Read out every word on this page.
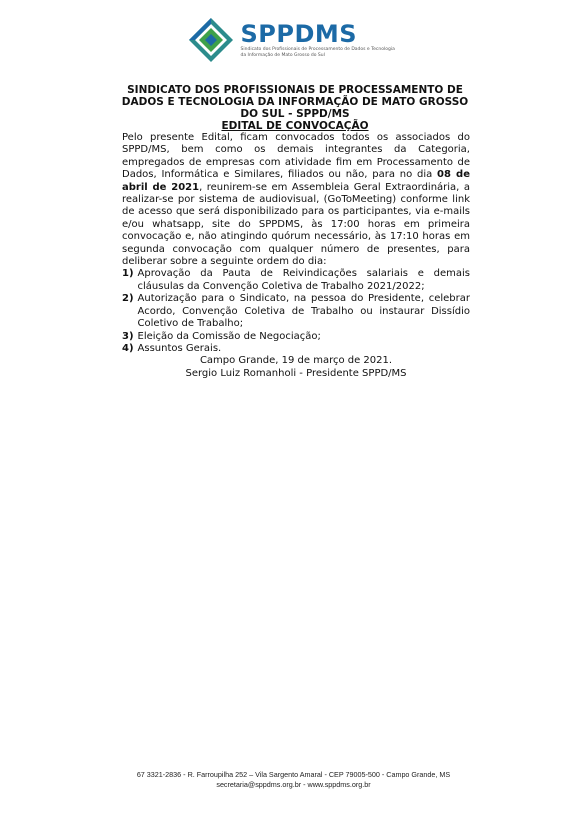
SPPDMS
Sindicato dos Profissionais de Processamento de Dados e Tecnologia da Informação de Mato Grosso do Sul
SINDICATO DOS PROFISSIONAIS DE PROCESSAMENTO DE DADOS E TECNOLOGIA DA INFORMAÇÃO DE MATO GROSSO DO SUL - SPPD/MS
EDITAL DE CONVOCAÇÃO

Pelo presente Edital, ficam convocados todos os associados do SPPD/MS, bem como os demais integrantes da Categoria, empregados de empresas com atividade fim em Processamento de Dados, Informática e Similares, filiados ou não, para no dia 08 de abril de 2021, reunirem-se em Assembleia Geral Extraordinária, a realizar-se por sistema de audiovisual, (GoToMeeting) conforme link de acesso que será disponibilizado para os participantes, via e-mails e/ou whatsapp, site do SPPDMS, às 17:00 horas em primeira convocação e, não atingindo quórum necessário, às 17:10 horas em segunda convocação com qualquer número de presentes, para deliberar sobre a seguinte ordem do dia:

1) Aprovação da Pauta de Reivindicações salariais e demais cláusulas da Convenção Coletiva de Trabalho 2021/2022;
2) Autorização para o Sindicato, na pessoa do Presidente, celebrar Acordo, Convenção Coletiva de Trabalho ou instaurar Dissídio Coletivo de Trabalho;
3) Eleição da Comissão de Negociação;
4) Assuntos Gerais.
Campo Grande, 19 de março de 2021.
Sergio Luiz Romanholi - Presidente SPPD/MS
67 3321-2836 - R. Farroupilha 252 – Vila Sargento Amaral - CEP 79005-500 - Campo Grande, MS
secretaria@sppdms.org.br - www.sppdms.org.br
